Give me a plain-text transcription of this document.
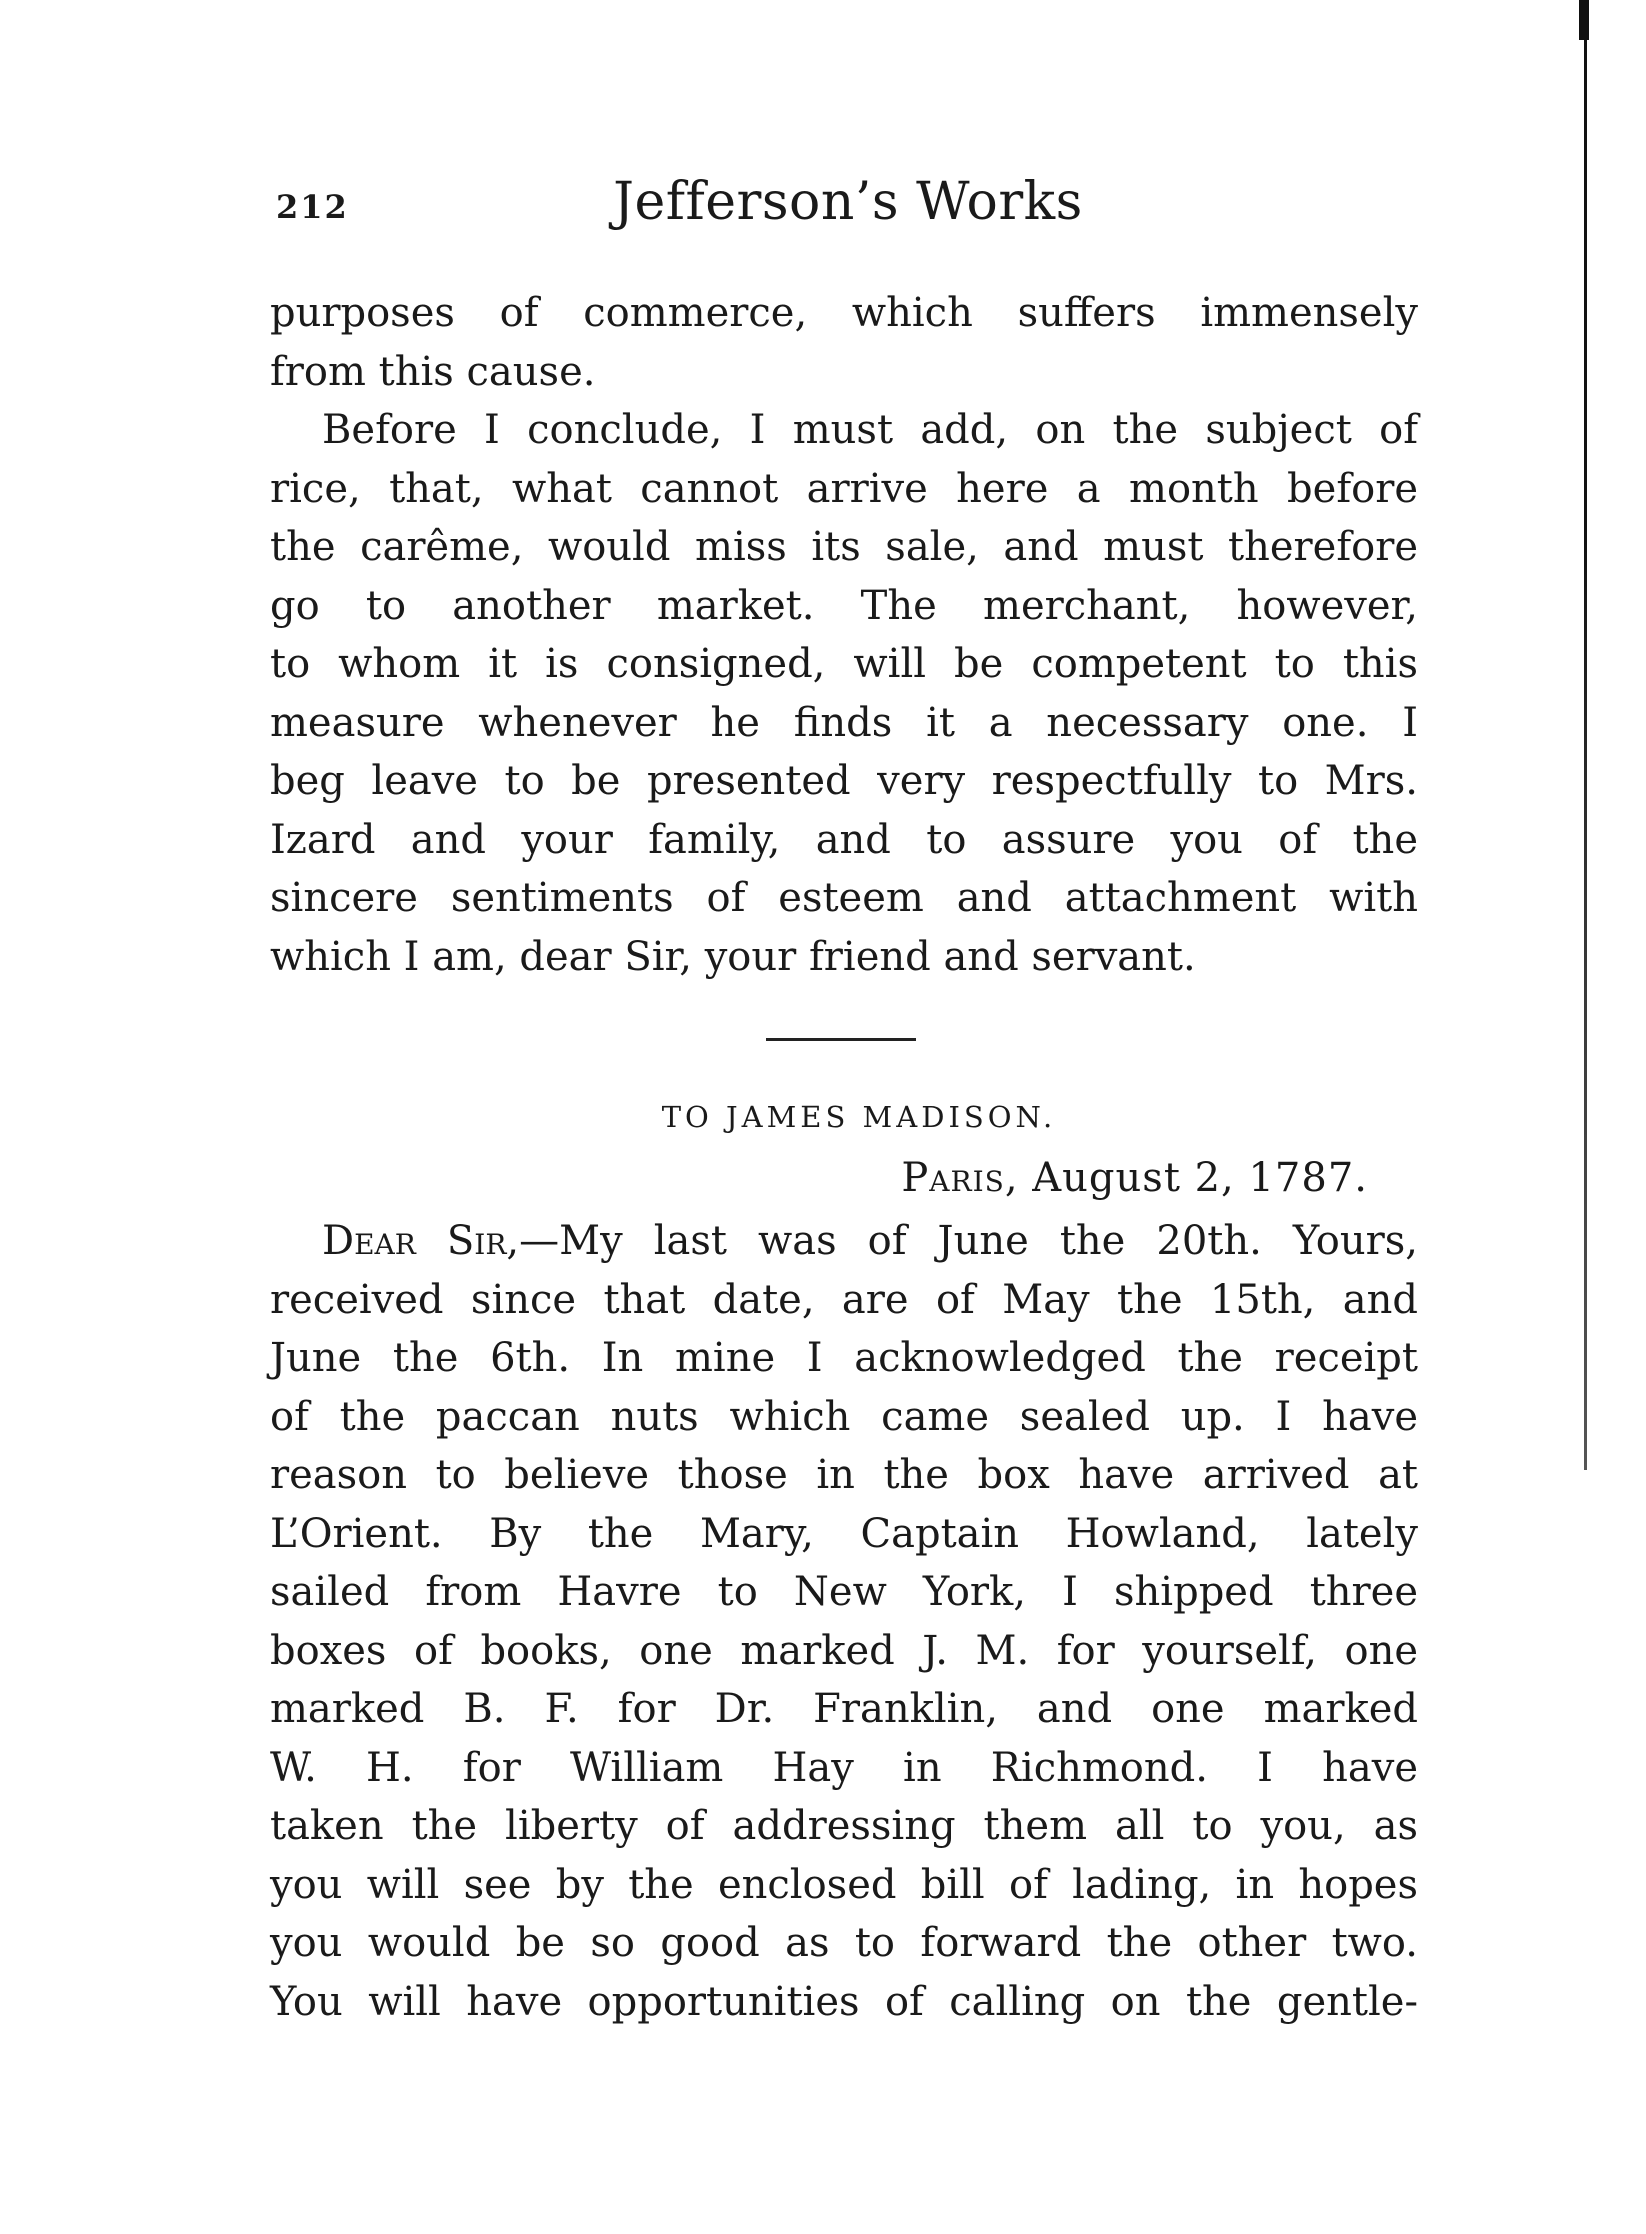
212	Jefferson’s Works
purposes of commerce, which suffers immensely
from this cause.
Before I conclude, I must add, on the subject of
rice, that, what cannot arrive here a month before
the carême, would miss its sale, and must therefore
go to another market. The merchant, however,
to whom it is consigned, will be competent to this
measure whenever he finds it a necessary one. I
beg leave to be presented very respectfully to Mrs.
Izard and your family, and to assure you of the
sincere sentiments of esteem and attachment with
which I am, dear Sir, your friend and servant.
TO JAMES MADISON.
Paris, August 2, 1787.
Dear Sir,—My last was of June the 20th. Yours,
received since that date, are of May the 15th, and
June the 6th. In mine I acknowledged the receipt
of the paccan nuts which came sealed up. I have
reason to believe those in the box have arrived at
L’Orient. By the Mary, Captain Howland, lately
sailed from Havre to New York, I shipped three
boxes of books, one marked J. M. for yourself, one
marked B. F. for Dr. Franklin, and one marked
W. H. for William Hay in Richmond. I have
taken the liberty of addressing them all to you, as
you will see by the enclosed bill of lading, in hopes
you would be so good as to forward the other two.
You will have opportunities of calling on the gentle-
